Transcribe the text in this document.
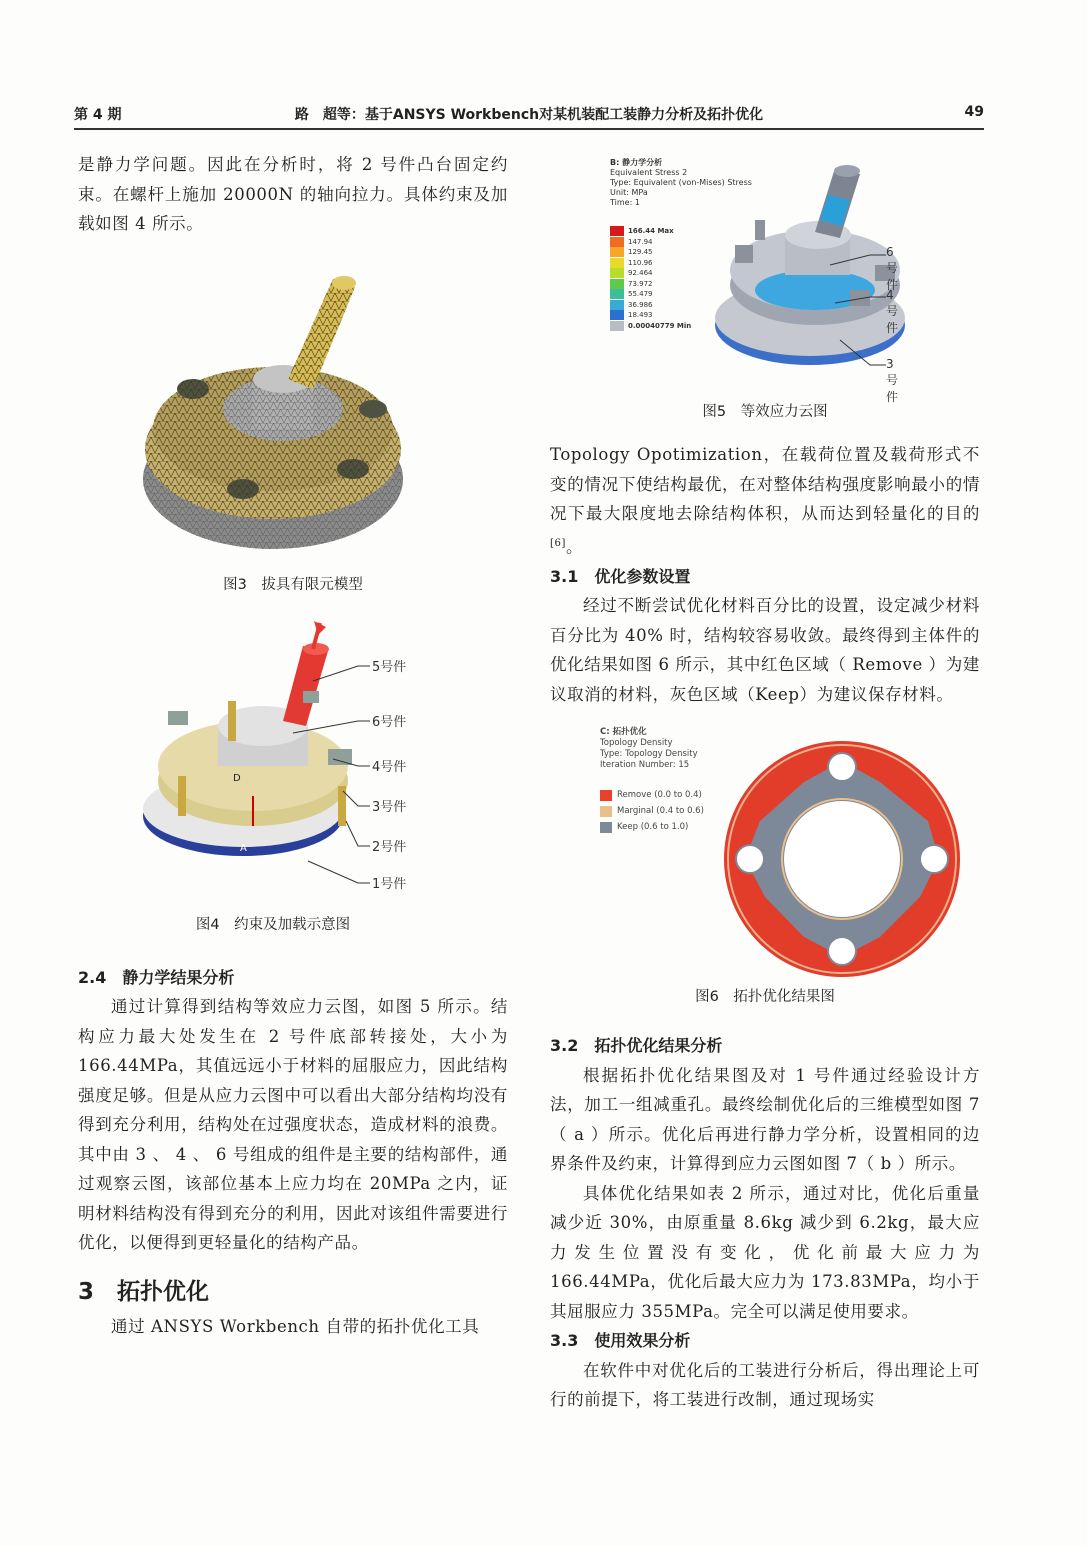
第 4 期	路　超等：基于ANSYS Workbench对某机装配工装静力分析及拓扑优化	49

是静力学问题。因此在分析时，将 2 号件凸台固定约束。在螺杆上施加 20000N 的轴向拉力。具体约束及加载如图 4 所示。

图3　拔具有限元模型
D
A
5号件
6号件
4号件
3号件
2号件
1号件
图4　约束及加载示意图
2.4　静力学结果分析

通过计算得到结构等效应力云图，如图 5 所示。结构应力最大处发生在 2 号件底部转接处，大小为 166.44MPa，其值远远小于材料的屈服应力，因此结构强度足够。但是从应力云图中可以看出大部分结构均没有得到充分利用，结构处在过强度状态，造成材料的浪费。其中由 3 、 4 、 6 号组成的组件是主要的结构部件，通过观察云图，该部位基本上应力均在 20MPa 之内，证明材料结构没有得到充分的利用，因此对该组件需要进行优化，以便得到更轻量化的结构产品。

3　拓扑优化

通过 ANSYS Workbench 自带的拓扑优化工具

B: 静力学分析
Equivalent Stress 2
Type: Equivalent (von-Mises) Stress
Unit: MPa
Time: 1
166.44 Max
147.94
129.45
110.96
92.464
73.972
55.479
36.986
18.493
0.00040779 Min
6号件
4号件
3号件
图5　等效应力云图

Topology Opotimization，在载荷位置及载荷形式不变的情况下使结构最优，在对整体结构强度影响最小的情况下最大限度地去除结构体积，从而达到轻量化的目的[6]。

3.1　优化参数设置

经过不断尝试优化材料百分比的设置，设定减少材料百分比为 40% 时，结构较容易收敛。最终得到主体件的优化结果如图 6 所示，其中红色区域（ Remove ）为建议取消的材料，灰色区域（Keep）为建议保存材料。

C: 拓扑优化
Topology Density
Type: Topology Density
Iteration Number: 15
Remove (0.0 to 0.4)
Marginal (0.4 to 0.6)
Keep (0.6 to 1.0)
图6　拓扑优化结果图
3.2　拓扑优化结果分析

根据拓扑优化结果图及对 1 号件通过经验设计方法，加工一组减重孔。最终绘制优化后的三维模型如图 7（ a ）所示。优化后再进行静力学分析，设置相同的边界条件及约束，计算得到应力云图如图 7（ b ）所示。

具体优化结果如表 2 所示，通过对比，优化后重量减少近 30%，由原重量 8.6kg 减少到 6.2kg，最大应力发生位置没有变化，优化前最大应力为 166.44MPa，优化后最大应力为 173.83MPa，均小于其屈服应力 355MPa。完全可以满足使用要求。

3.3　使用效果分析

在软件中对优化后的工装进行分析后，得出理论上可行的前提下，将工装进行改制，通过现场实
